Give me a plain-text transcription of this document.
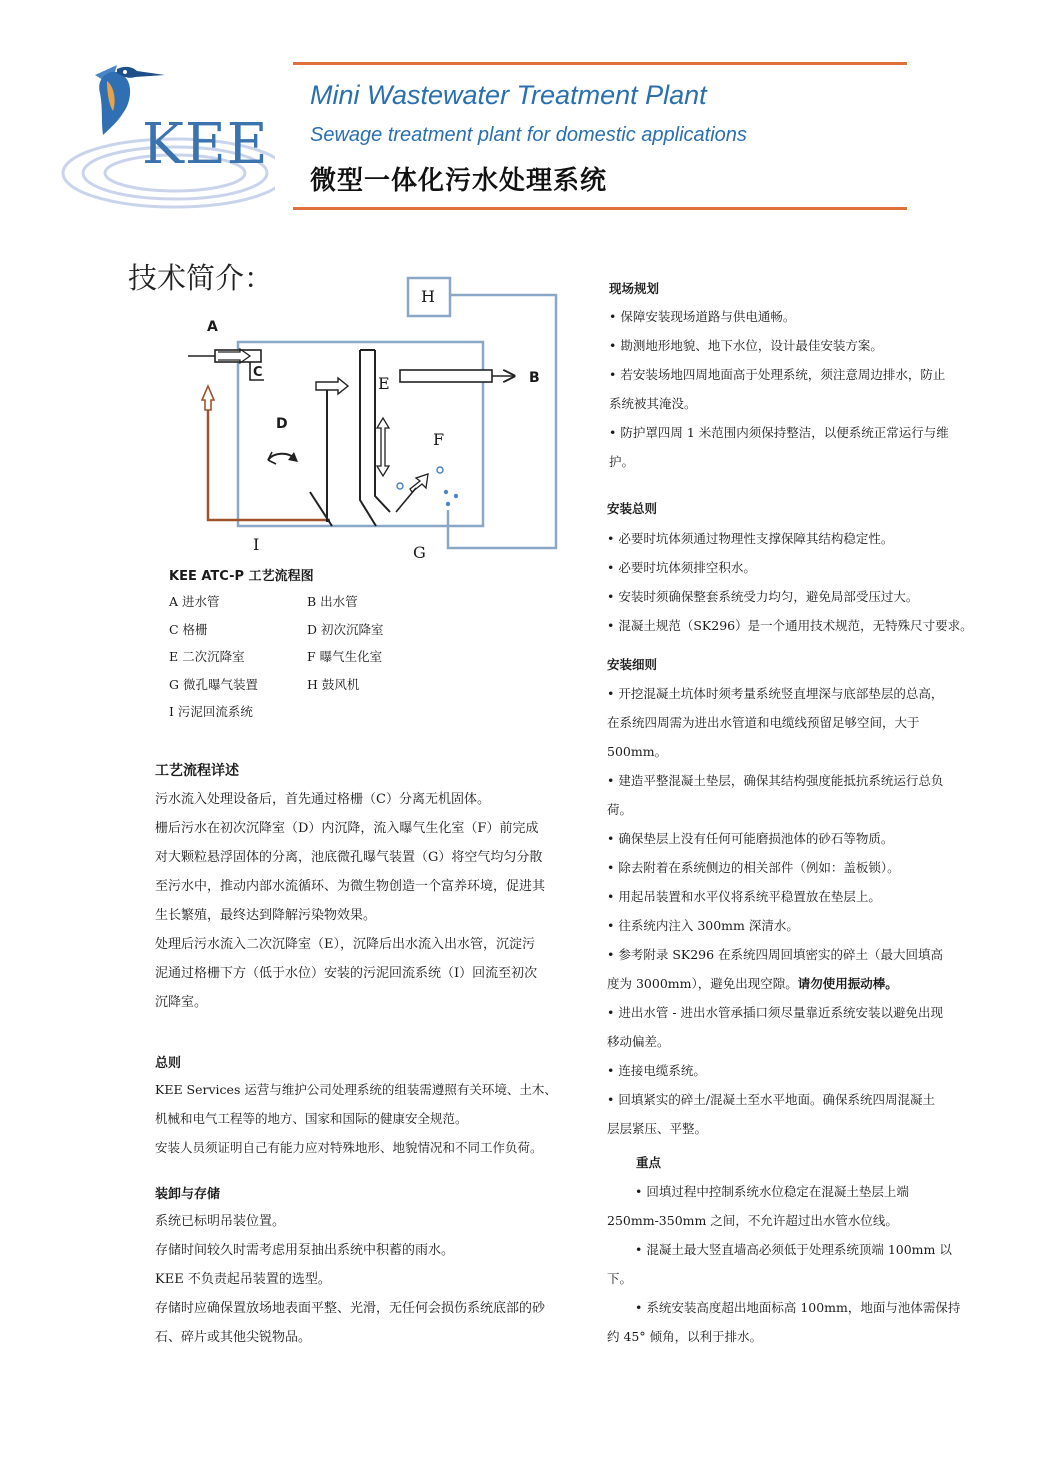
KEE
Mini Wastewater Treatment Plant
Sewage treatment plant for domestic applications
微型一体化污水处理系统
技术简介：
A
C
D
E	B
F
H
I	G
KEE ATC-P 工艺流程图
A 进水管	B 出水管
C 格栅	D 初次沉降室
E 二次沉降室	F 曝气生化室
G 微孔曝气装置	H 鼓风机
I 污泥回流系统
工艺流程详述
污水流入处理设备后，首先通过格栅（C）分离无机固体。
栅后污水在初次沉降室（D）内沉降，流入曝气生化室（F）前完成
对大颗粒悬浮固体的分离，池底微孔曝气装置（G）将空气均匀分散
至污水中，推动内部水流循环、为微生物创造一个富养环境，促进其
生长繁殖，最终达到降解污染物效果。
处理后污水流入二次沉降室（E），沉降后出水流入出水管，沉淀污
泥通过格栅下方（低于水位）安装的污泥回流系统（I）回流至初次
沉降室。
总则
KEE Services 运营与维护公司处理系统的组装需遵照有关环境、土木、
机械和电气工程等的地方、国家和国际的健康安全规范。
安装人员须证明自己有能力应对特殊地形、地貌情况和不同工作负荷。
装卸与存储
系统已标明吊装位置。
存储时间较久时需考虑用泵抽出系统中积蓄的雨水。
KEE 不负责起吊装置的选型。
存储时应确保置放场地表面平整、光滑，无任何会损伤系统底部的砂
石、碎片或其他尖锐物品。
现场规划
• 保障安装现场道路与供电通畅。
• 勘测地形地貌、地下水位，设计最佳安装方案。
• 若安装场地四周地面高于处理系统，须注意周边排水，防止
系统被其淹没。
• 防护罩四周 1 米范围内须保持整洁，以便系统正常运行与维
护。
安装总则
• 必要时坑体须通过物理性支撑保障其结构稳定性。
• 必要时坑体须排空积水。
• 安装时须确保整套系统受力均匀，避免局部受压过大。
• 混凝土规范（SK296）是一个通用技术规范，无特殊尺寸要求。
安装细则
• 开挖混凝土坑体时须考量系统竖直埋深与底部垫层的总高，
在系统四周需为进出水管道和电缆线预留足够空间，大于
500mm。
• 建造平整混凝土垫层，确保其结构强度能抵抗系统运行总负
荷。
• 确保垫层上没有任何可能磨损池体的砂石等物质。
• 除去附着在系统侧边的相关部件（例如：盖板锁）。
• 用起吊装置和水平仪将系统平稳置放在垫层上。
• 往系统内注入 300mm 深清水。
• 参考附录 SK296 在系统四周回填密实的碎土（最大回填高
度为 3000mm），避免出现空隙。请勿使用振动棒。
• 进出水管 - 进出水管承插口须尽量靠近系统安装以避免出现
移动偏差。
• 连接电缆系统。
• 回填紧实的碎土/混凝土至水平地面。确保系统四周混凝土
层层紧压、平整。
重点
• 回填过程中控制系统水位稳定在混凝土垫层上端
250mm-350mm 之间，不允许超过出水管水位线。
• 混凝土最大竖直墙高必须低于处理系统顶端 100mm 以
下。
• 系统安装高度超出地面标高 100mm，地面与池体需保持
约 45° 倾角，以利于排水。
